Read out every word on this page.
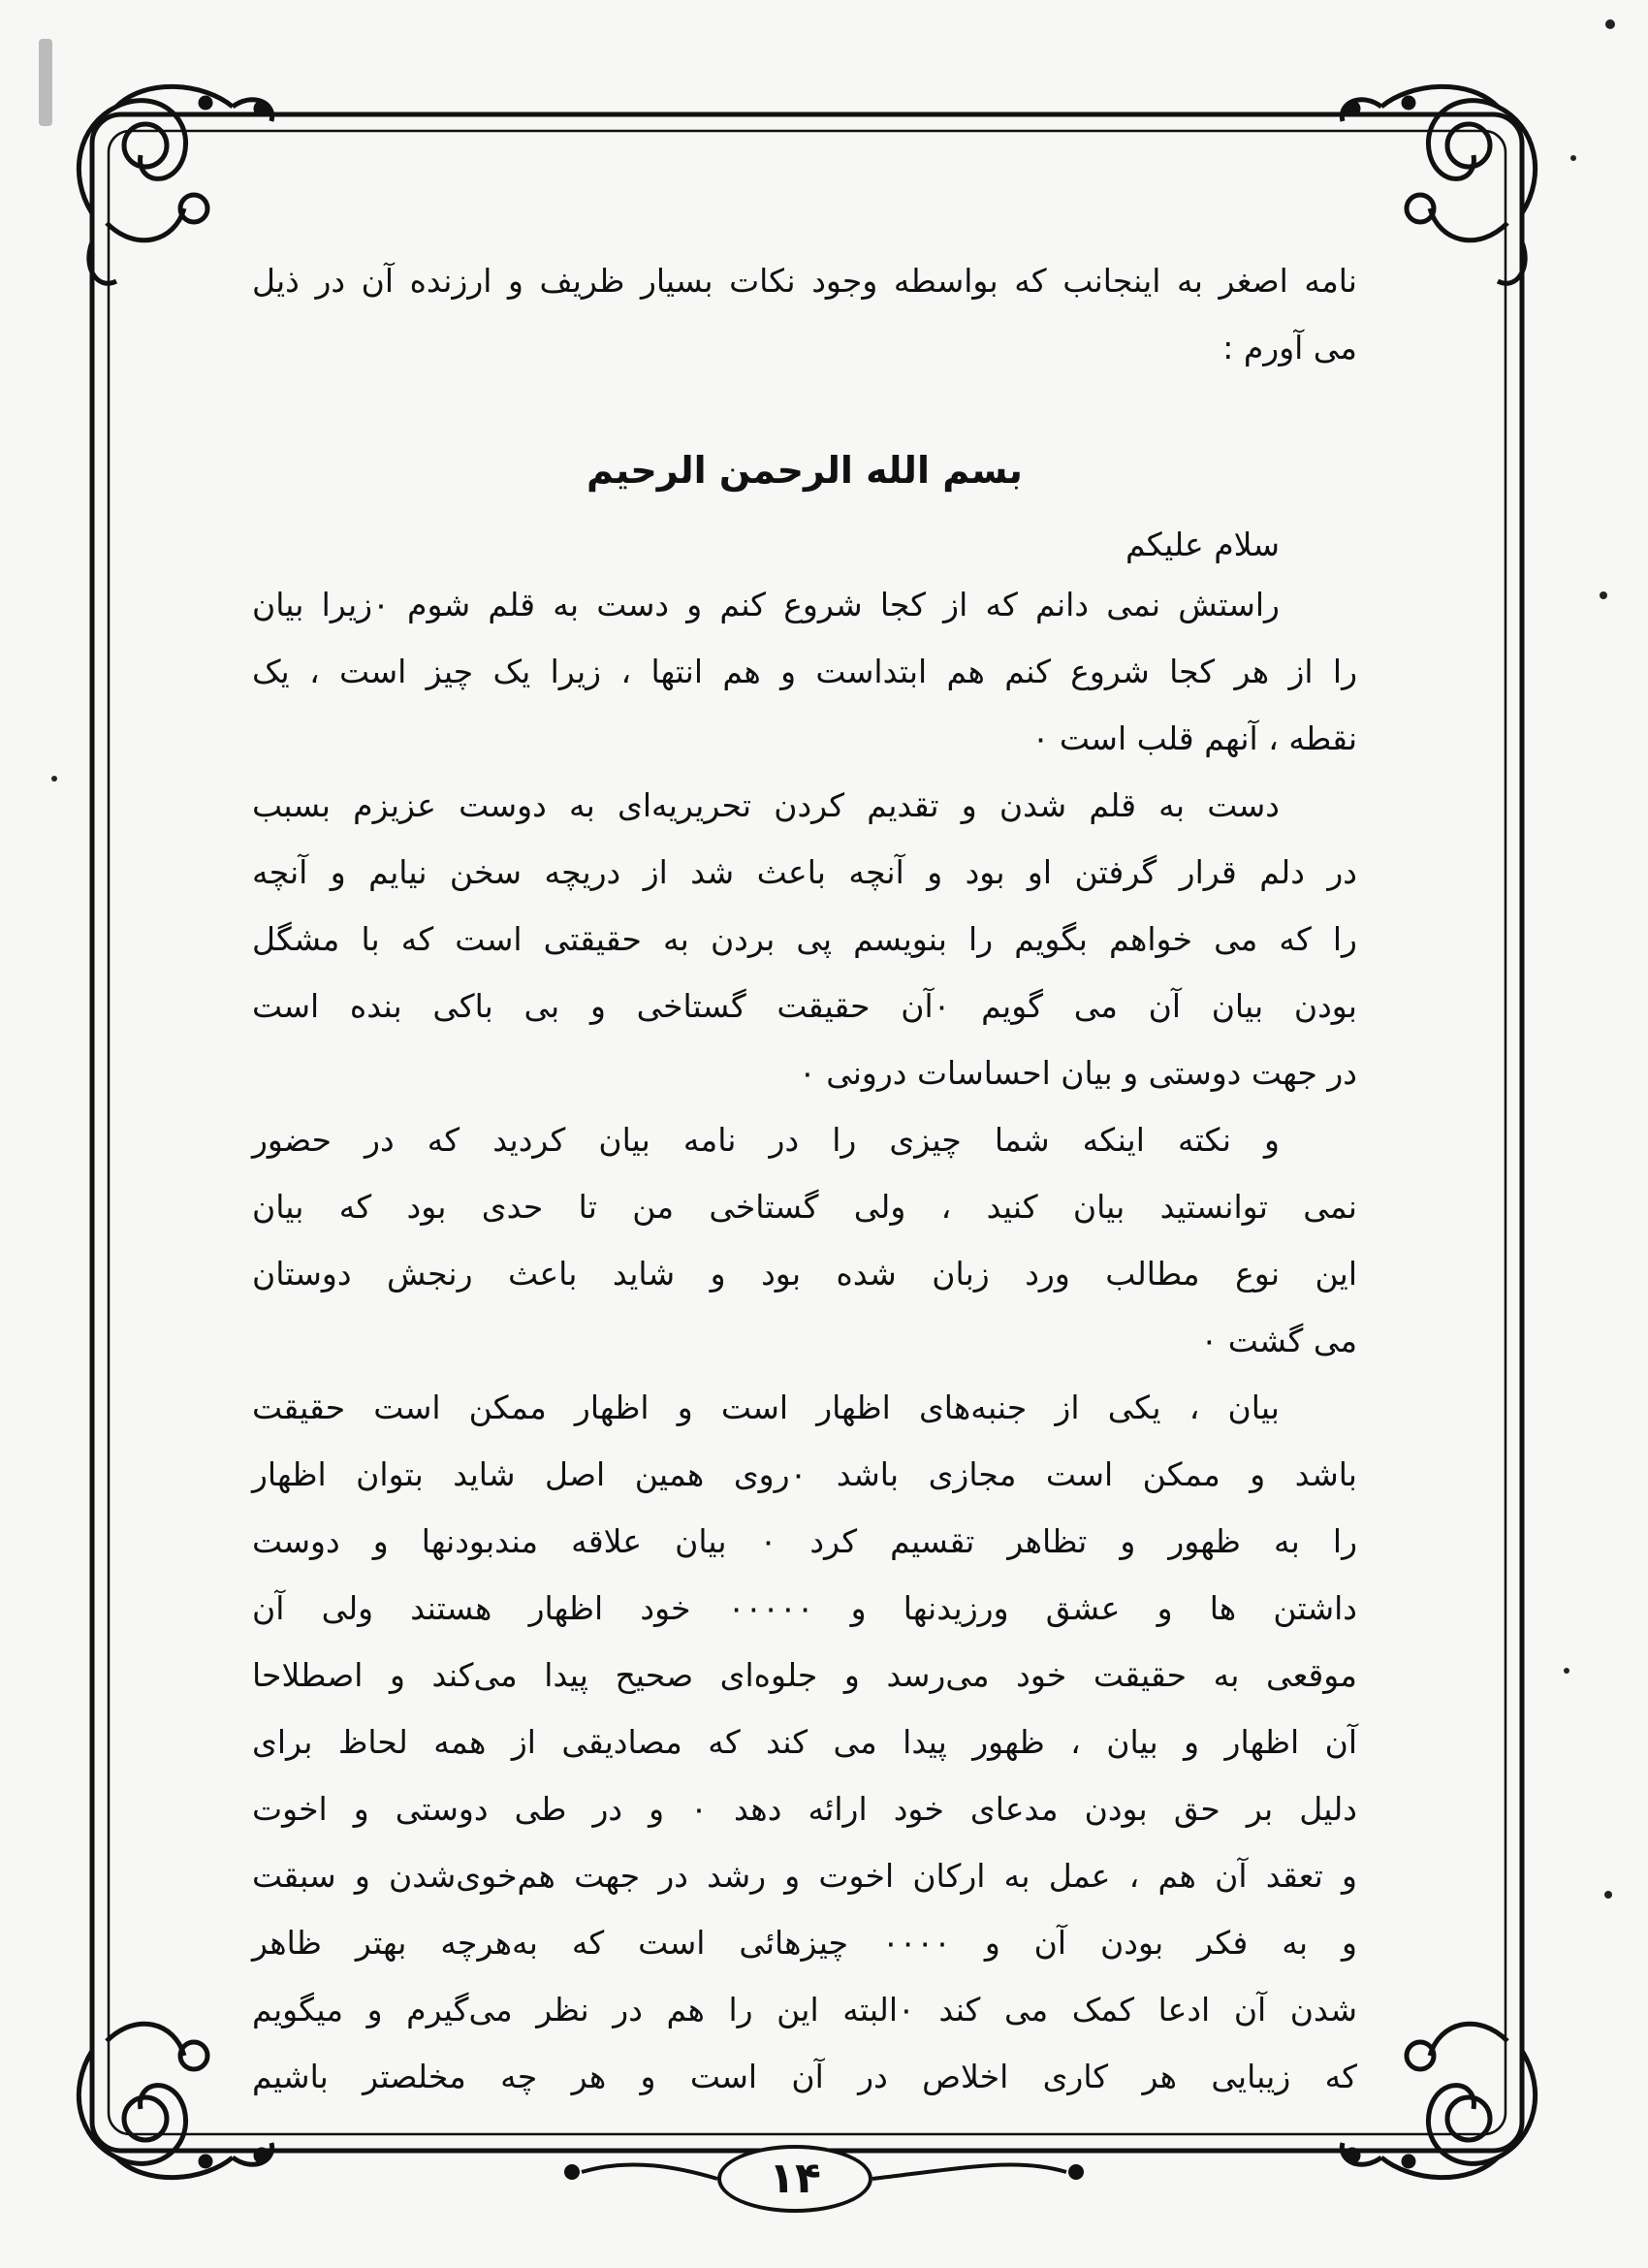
نامه اصغر به اینجانب که بواسطه وجود نکات بسیار ظریف و ارزنده آن در ذیل
می آورم :
بسم الله الرحمن الرحیم
سلام علیکم
راستش نمی دانم که از کجا شروع کنم و دست به قلم شوم ۰زیرا بیان
را از هر کجا شروع کنم هم ابتداست و هم انتها ، زیرا یک چیز است ، یک
نقطه ، آنهم قلب است ۰
دست به قلم شدن و تقدیم کردن تحریریه‌ای به دوست عزیزم بسبب
در دلم قرار گرفتن او بود و آنچه باعث شد از دریچه سخن نیایم و آنچه
را که می خواهم بگویم را بنویسم پی بردن به حقیقتی است که با مشگل
بودن بیان آن می گویم ۰آن حقیقت گستاخی و بی باکی بنده است
در جهت دوستی و بیان احساسات درونی ۰
و نکته اینکه شما چیزی را در نامه بیان کردید که در حضور
نمی توانستید بیان کنید ، ولی گستاخی من تا حدی بود که بیان
این نوع مطالب ورد زبان شده بود و شاید باعث رنجش دوستان
می گشت ۰
بیان ، یکی از جنبه‌های اظهار است و اظهار ممکن است حقیقت
باشد و ممکن است مجازی باشد ۰روی همین اصل شاید بتوان اظهار
را به ظهور و تظاهر تقسیم کرد ۰ بیان علاقه مندبودنها و دوست
داشتن ها و عشق ورزیدنها و ۰۰۰۰۰ خود اظهار هستند ولی آن
موقعی به حقیقت خود می‌رسد و جلوه‌ای صحیح پیدا می‌کند و اصطلاحا
آن اظهار و بیان ، ظهور پیدا می کند که مصادیقی از همه لحاظ برای
دلیل بر حق بودن مدعای خود ارائه دهد ۰ و در طی دوستی و اخوت
و تعقد آن هم ، عمل به ارکان اخوت و رشد در جهت هم‌خوی‌شدن و سبقت
و به فکر بودن آن و ۰۰۰۰ چیزهائی است که به‌هرچه بهتر ظاهر
شدن آن ادعا کمک می کند ۰البته این را هم در نظر می‌گیرم و میگویم
که زیبایی هر کاری اخلاص در آن است و هر چه مخلصتر باشیم
۱۴
